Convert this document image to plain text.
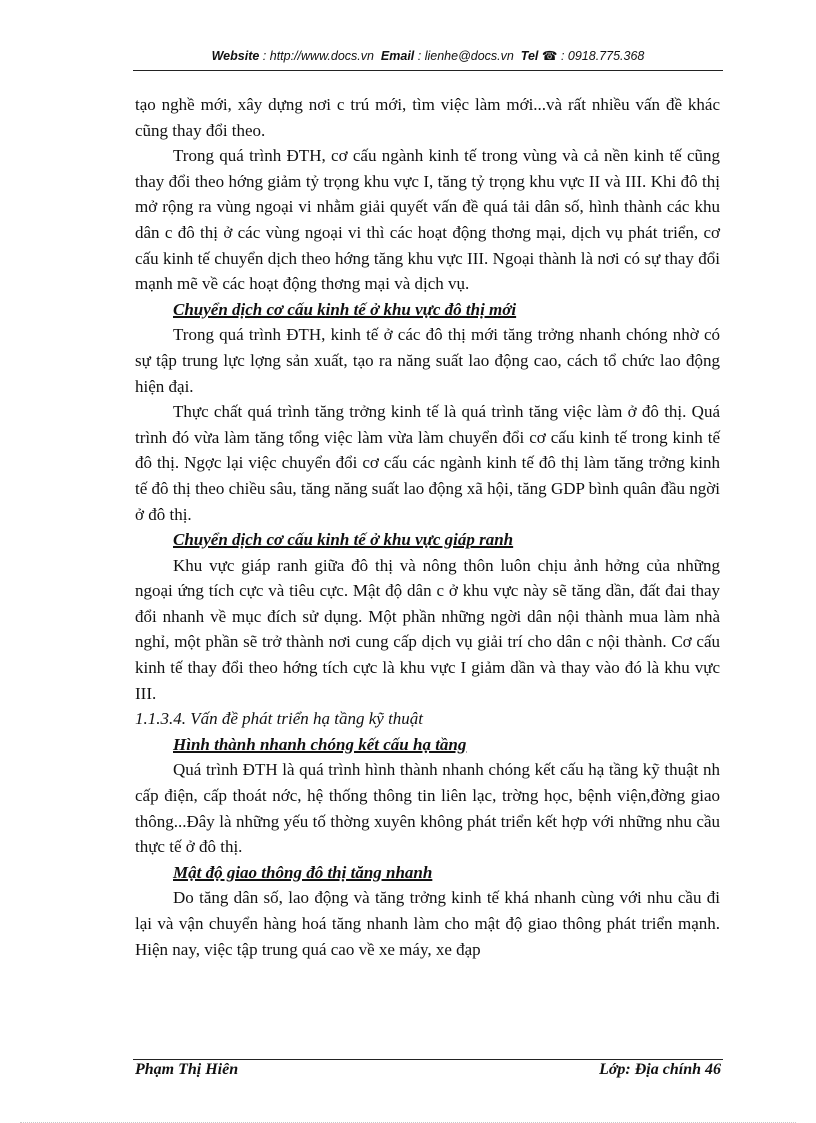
Website : http://www.docs.vn Email : lienhe@docs.vn Tel ☎ : 0918.775.368

tạo nghề mới, xây dựng nơi c trú mới, tìm việc làm mới...và rất nhiều vấn đề khác cũng thay đổi theo.

Trong quá trình ĐTH, cơ cấu ngành kinh tế trong vùng và cả nền kinh tế cũng thay đổi theo hớng giảm tỷ trọng khu vực I, tăng tỷ trọng khu vực II và III. Khi đô thị mở rộng ra vùng ngoại vi nhằm giải quyết vấn đề quá tải dân số, hình thành các khu dân c đô thị ở các vùng ngoại vi thì các hoạt động thơng mại, dịch vụ phát triển, cơ cấu kinh tế chuyển dịch theo hớng tăng khu vực III. Ngoại thành là nơi có sự thay đổi mạnh mẽ về các hoạt động thơng mại và dịch vụ.

Chuyển dịch cơ cấu kinh tế ở khu vực đô thị mới

Trong quá trình ĐTH, kinh tế ở các đô thị mới tăng trởng nhanh chóng nhờ có sự tập trung lực lợng sản xuất, tạo ra năng suất lao động cao, cách tổ chức lao động hiện đại.

Thực chất quá trình tăng trởng kinh tế là quá trình tăng việc làm ở đô thị. Quá trình đó vừa làm tăng tổng việc làm vừa làm chuyển đổi cơ cấu kinh tế trong kinh tế đô thị. Ngợc lại việc chuyển đổi cơ cấu các ngành kinh tế đô thị làm tăng trởng kinh tế đô thị theo chiều sâu, tăng năng suất lao động xã hội, tăng GDP bình quân đầu ngời ở đô thị.

Chuyển dịch cơ cấu kinh tế ở khu vực giáp ranh

Khu vực giáp ranh giữa đô thị và nông thôn luôn chịu ảnh hởng của những ngoại ứng tích cực và tiêu cực. Mật độ dân c ở khu vực này sẽ tăng dần, đất đai thay đổi nhanh về mục đích sử dụng. Một phần những ngời dân nội thành mua làm nhà nghỉ, một phần sẽ trở thành nơi cung cấp dịch vụ giải trí cho dân c nội thành. Cơ cấu kinh tế thay đổi theo hớng tích cực là khu vực I giảm dần và thay vào đó là khu vực III.

1.1.3.4. Vấn đề phát triển hạ tầng kỹ thuật
Hình thành nhanh chóng kết cấu hạ tầng

Quá trình ĐTH là quá trình hình thành nhanh chóng kết cấu hạ tầng kỹ thuật nh cấp điện, cấp thoát nớc, hệ thống thông tin liên lạc, trờng học, bệnh viện,đờng giao thông...Đây là những yếu tố thờng xuyên không phát triển kết hợp với những nhu cầu thực tế ở đô thị.

Mật độ giao thông đô thị tăng nhanh

Do tăng dân số, lao động và tăng trởng kinh tế khá nhanh cùng với nhu cầu đi lại và vận chuyển hàng hoá tăng nhanh làm cho mật độ giao thông phát triển mạnh. Hiện nay, việc tập trung quá cao về xe máy, xe đạp

Phạm Thị Hiên	Lớp: Địa chính 46
